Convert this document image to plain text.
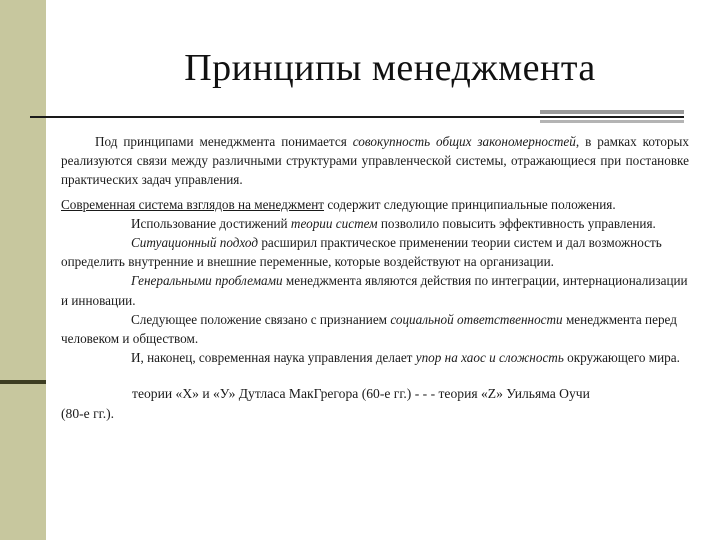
Принципы менеджмента

Под принципами менеджмента понимается совокупность общих закономерностей, в рамках которых реализуются связи между различными структурами управленческой системы, отражающиеся при постановке практических задач управления.

Современная система взглядов на менеджмент содержит следующие принципиальные положения.

Использование достижений теории систем позволило повысить эффективность управления.

Ситуационный подход расширил практическое применении теории систем и дал возможность определить внутренние и внешние переменные, которые воздействуют на организации.

Генеральными проблемами менеджмента являются действия по интеграции, интернационализации и инновации.

Следующее положение связано с признанием социальной ответственности менеджмента перед человеком и обществом.

И, наконец, современная наука управления делает упор на хаос и сложность окружающего мира.

теории «Х» и «У» Дутласа МакГрегора (60-е гг.) - - - теория «Z» Уильяма Оучи

(80-е гг.).
